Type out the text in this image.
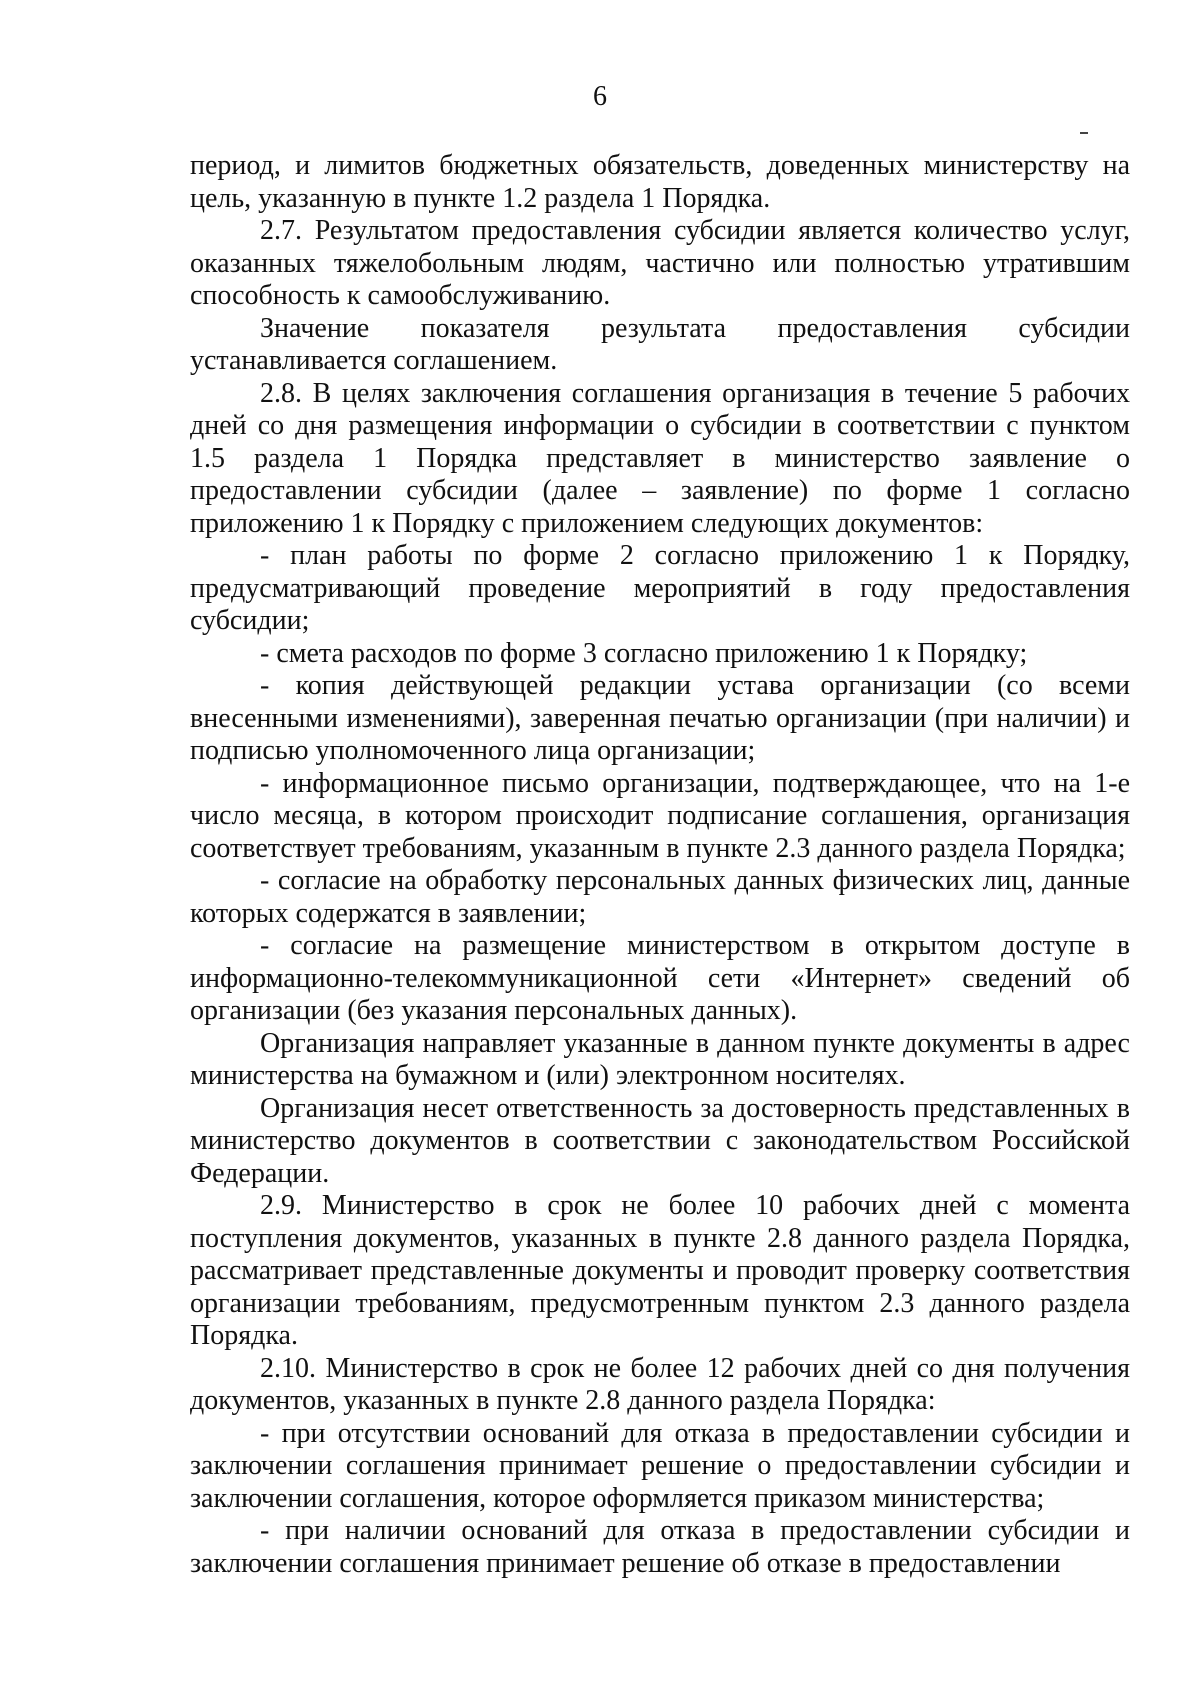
6

период, и лимитов бюджетных обязательств, доведенных министерству на цель, указанную в пункте 1.2 раздела 1 Порядка.

2.7. Результатом предоставления субсидии является количество услуг, оказанных тяжелобольным людям, частично или полностью утратившим способность к самообслуживанию.

Значение показателя результата предоставления субсидии устанавливается соглашением.

2.8. В целях заключения соглашения организация в течение 5 рабочих дней со дня размещения информации о субсидии в соответствии с пунктом 1.5 раздела 1 Порядка представляет в министерство заявление о предоставлении субсидии (далее – заявление) по форме 1 согласно приложению 1 к Порядку с приложением следующих документов:

- план работы по форме 2 согласно приложению 1 к Порядку, предусматривающий проведение мероприятий в году предоставления субсидии;

- смета расходов по форме 3 согласно приложению 1 к Порядку;

- копия действующей редакции устава организации (со всеми внесенными изменениями), заверенная печатью организации (при наличии) и подписью уполномоченного лица организации;

- информационное письмо организации, подтверждающее, что на 1-е число месяца, в котором происходит подписание соглашения, организация соответствует требованиям, указанным в пункте 2.3 данного раздела Порядка;

- согласие на обработку персональных данных физических лиц, данные которых содержатся в заявлении;

- согласие на размещение министерством в открытом доступе в информационно-телекоммуникационной сети «Интернет» сведений об организации (без указания персональных данных).

Организация направляет указанные в данном пункте документы в адрес министерства на бумажном и (или) электронном носителях.

Организация несет ответственность за достоверность представленных в министерство документов в соответствии с законодательством Российской Федерации.

2.9. Министерство в срок не более 10 рабочих дней с момента поступления документов, указанных в пункте 2.8 данного раздела Порядка, рассматривает представленные документы и проводит проверку соответствия организации требованиям, предусмотренным пунктом 2.3 данного раздела Порядка.

2.10. Министерство в срок не более 12 рабочих дней со дня получения документов, указанных в пункте 2.8 данного раздела Порядка:

- при отсутствии оснований для отказа в предоставлении субсидии и заключении соглашения принимает решение о предоставлении субсидии и заключении соглашения, которое оформляется приказом министерства;

- при наличии оснований для отказа в предоставлении субсидии и заключении соглашения принимает решение об отказе в предоставлении
